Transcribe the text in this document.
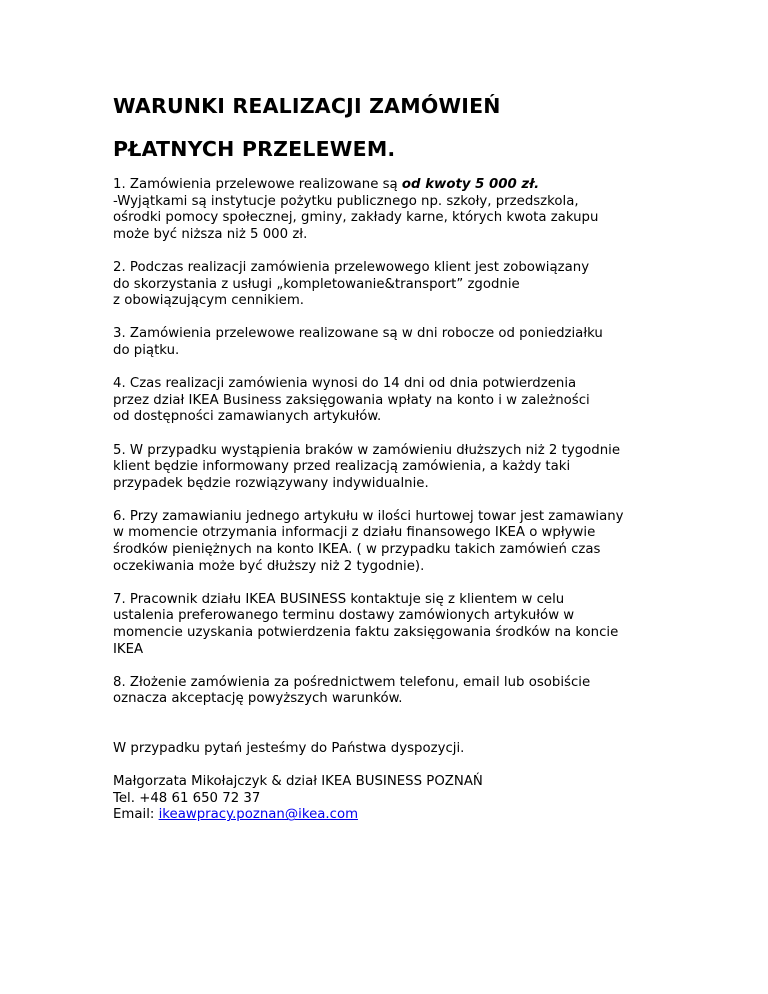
WARUNKI REALIZACJI ZAMÓWIEŃ
PŁATNYCH PRZELEWEM.

1. Zamówienia przelewowe realizowane są od kwoty 5 000 zł.
-Wyjątkami są instytucje pożytku publicznego np. szkoły, przedszkola,
ośrodki pomocy społecznej, gminy, zakłady karne, których kwota zakupu
może być niższa niż 5 000 zł.

2. Podczas realizacji zamówienia przelewowego klient jest zobowiązany
do skorzystania z usługi „kompletowanie&transport” zgodnie
z obowiązującym cennikiem.

3. Zamówienia przelewowe realizowane są w dni robocze od poniedziałku
do piątku.

4. Czas realizacji zamówienia wynosi do 14 dni od dnia potwierdzenia
przez dział IKEA Business zaksięgowania wpłaty na konto i w zależności
od dostępności zamawianych artykułów.

5. W przypadku wystąpienia braków w zamówieniu dłuższych niż 2 tygodnie
klient będzie informowany przed realizacją zamówienia, a każdy taki
przypadek będzie rozwiązywany indywidualnie.

6. Przy zamawianiu jednego artykułu w ilości hurtowej towar jest zamawiany
w momencie otrzymania informacji z działu finansowego IKEA o wpływie
środków pieniężnych na konto IKEA. ( w przypadku takich zamówień czas
oczekiwania może być dłuższy niż 2 tygodnie).

7. Pracownik działu IKEA BUSINESS kontaktuje się z klientem w celu
ustalenia preferowanego terminu dostawy zamówionych artykułów w
momencie uzyskania potwierdzenia faktu zaksięgowania środków na koncie
IKEA

8. Złożenie zamówienia za pośrednictwem telefonu, email lub osobiście
oznacza akceptację powyższych warunków.

W przypadku pytań jesteśmy do Państwa dyspozycji.

Małgorzata Mikołajczyk & dział IKEA BUSINESS POZNAŃ
Tel. +48 61 650 72 37
Email: ikeawpracy.poznan@ikea.com
